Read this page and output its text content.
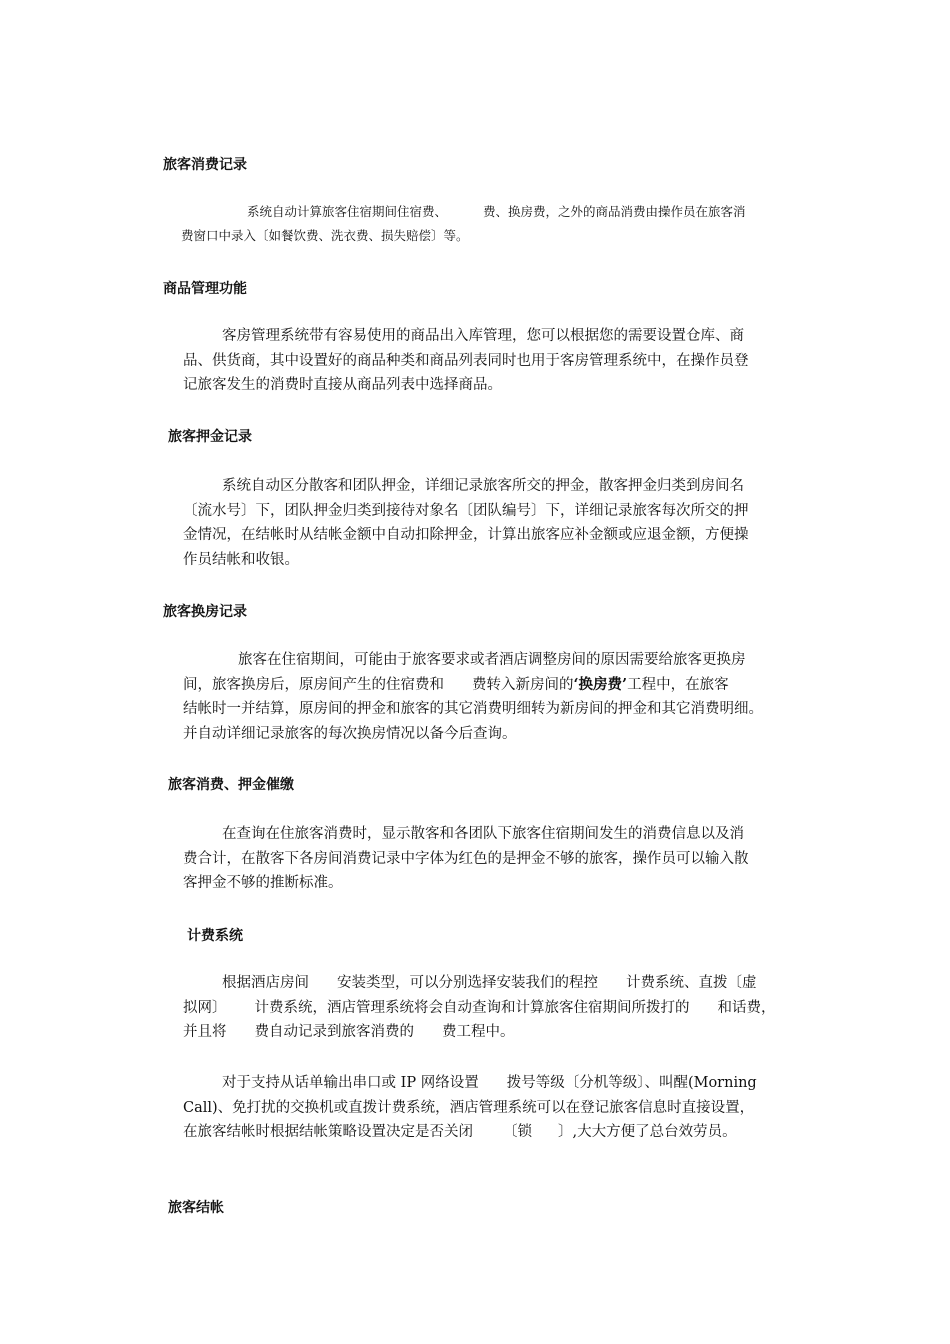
旅客消费记录
系统自动计算旅客住宿期间住宿费、	费、换房费，之外的商品消费由操作员在旅客消
费窗口中录入〔如餐饮费、洗衣费、损失赔偿〕等。
商品管理功能
客房管理系统带有容易使用的商品出入库管理，您可以根据您的需要设置仓库、商
品、供货商，其中设置好的商品种类和商品列表同时也用于客房管理系统中，在操作员登
记旅客发生的消费时直接从商品列表中选择商品。
旅客押金记录
系统自动区分散客和团队押金，详细记录旅客所交的押金，散客押金归类到房间名
〔流水号〕下，团队押金归类到接待对象名〔团队编号〕下，详细记录旅客每次所交的押
金情况，在结帐时从结帐金额中自动扣除押金，计算出旅客应补金额或应退金额，方便操
作员结帐和收银。
旅客换房记录
旅客在住宿期间，可能由于旅客要求或者酒店调整房间的原因需要给旅客更换房
间，旅客换房后，原房间产生的住宿费和 费转入新房间的‘换房费’工程中，在旅客
结帐时一并结算，原房间的押金和旅客的其它消费明细转为新房间的押金和其它消费明细。
并自动详细记录旅客的每次换房情况以备今后查询。
旅客消费、押金催缴
在查询在住旅客消费时，显示散客和各团队下旅客住宿期间发生的消费信息以及消
费合计，在散客下各房间消费记录中字体为红色的是押金不够的旅客，操作员可以输入散
客押金不够的推断标准。
计费系统
根据酒店房间 安装类型，可以分别选择安装我们的程控 计费系统、直拨〔虚
拟网〕 计费系统，酒店管理系统将会自动查询和计算旅客住宿期间所拨打的 和话费，
并且将 费自动记录到旅客消费的 费工程中。
对于支持从话单输出串口或 IP 网络设置 拨号等级〔分机等级〕、叫醒(Morning
Call)、免打扰的交换机或直拨计费系统，酒店管理系统可以在登记旅客信息时直接设置，
在旅客结帐时根据结帐策略设置决定是否关闭 〔锁 〕,大大方便了总台效劳员。
旅客结帐
